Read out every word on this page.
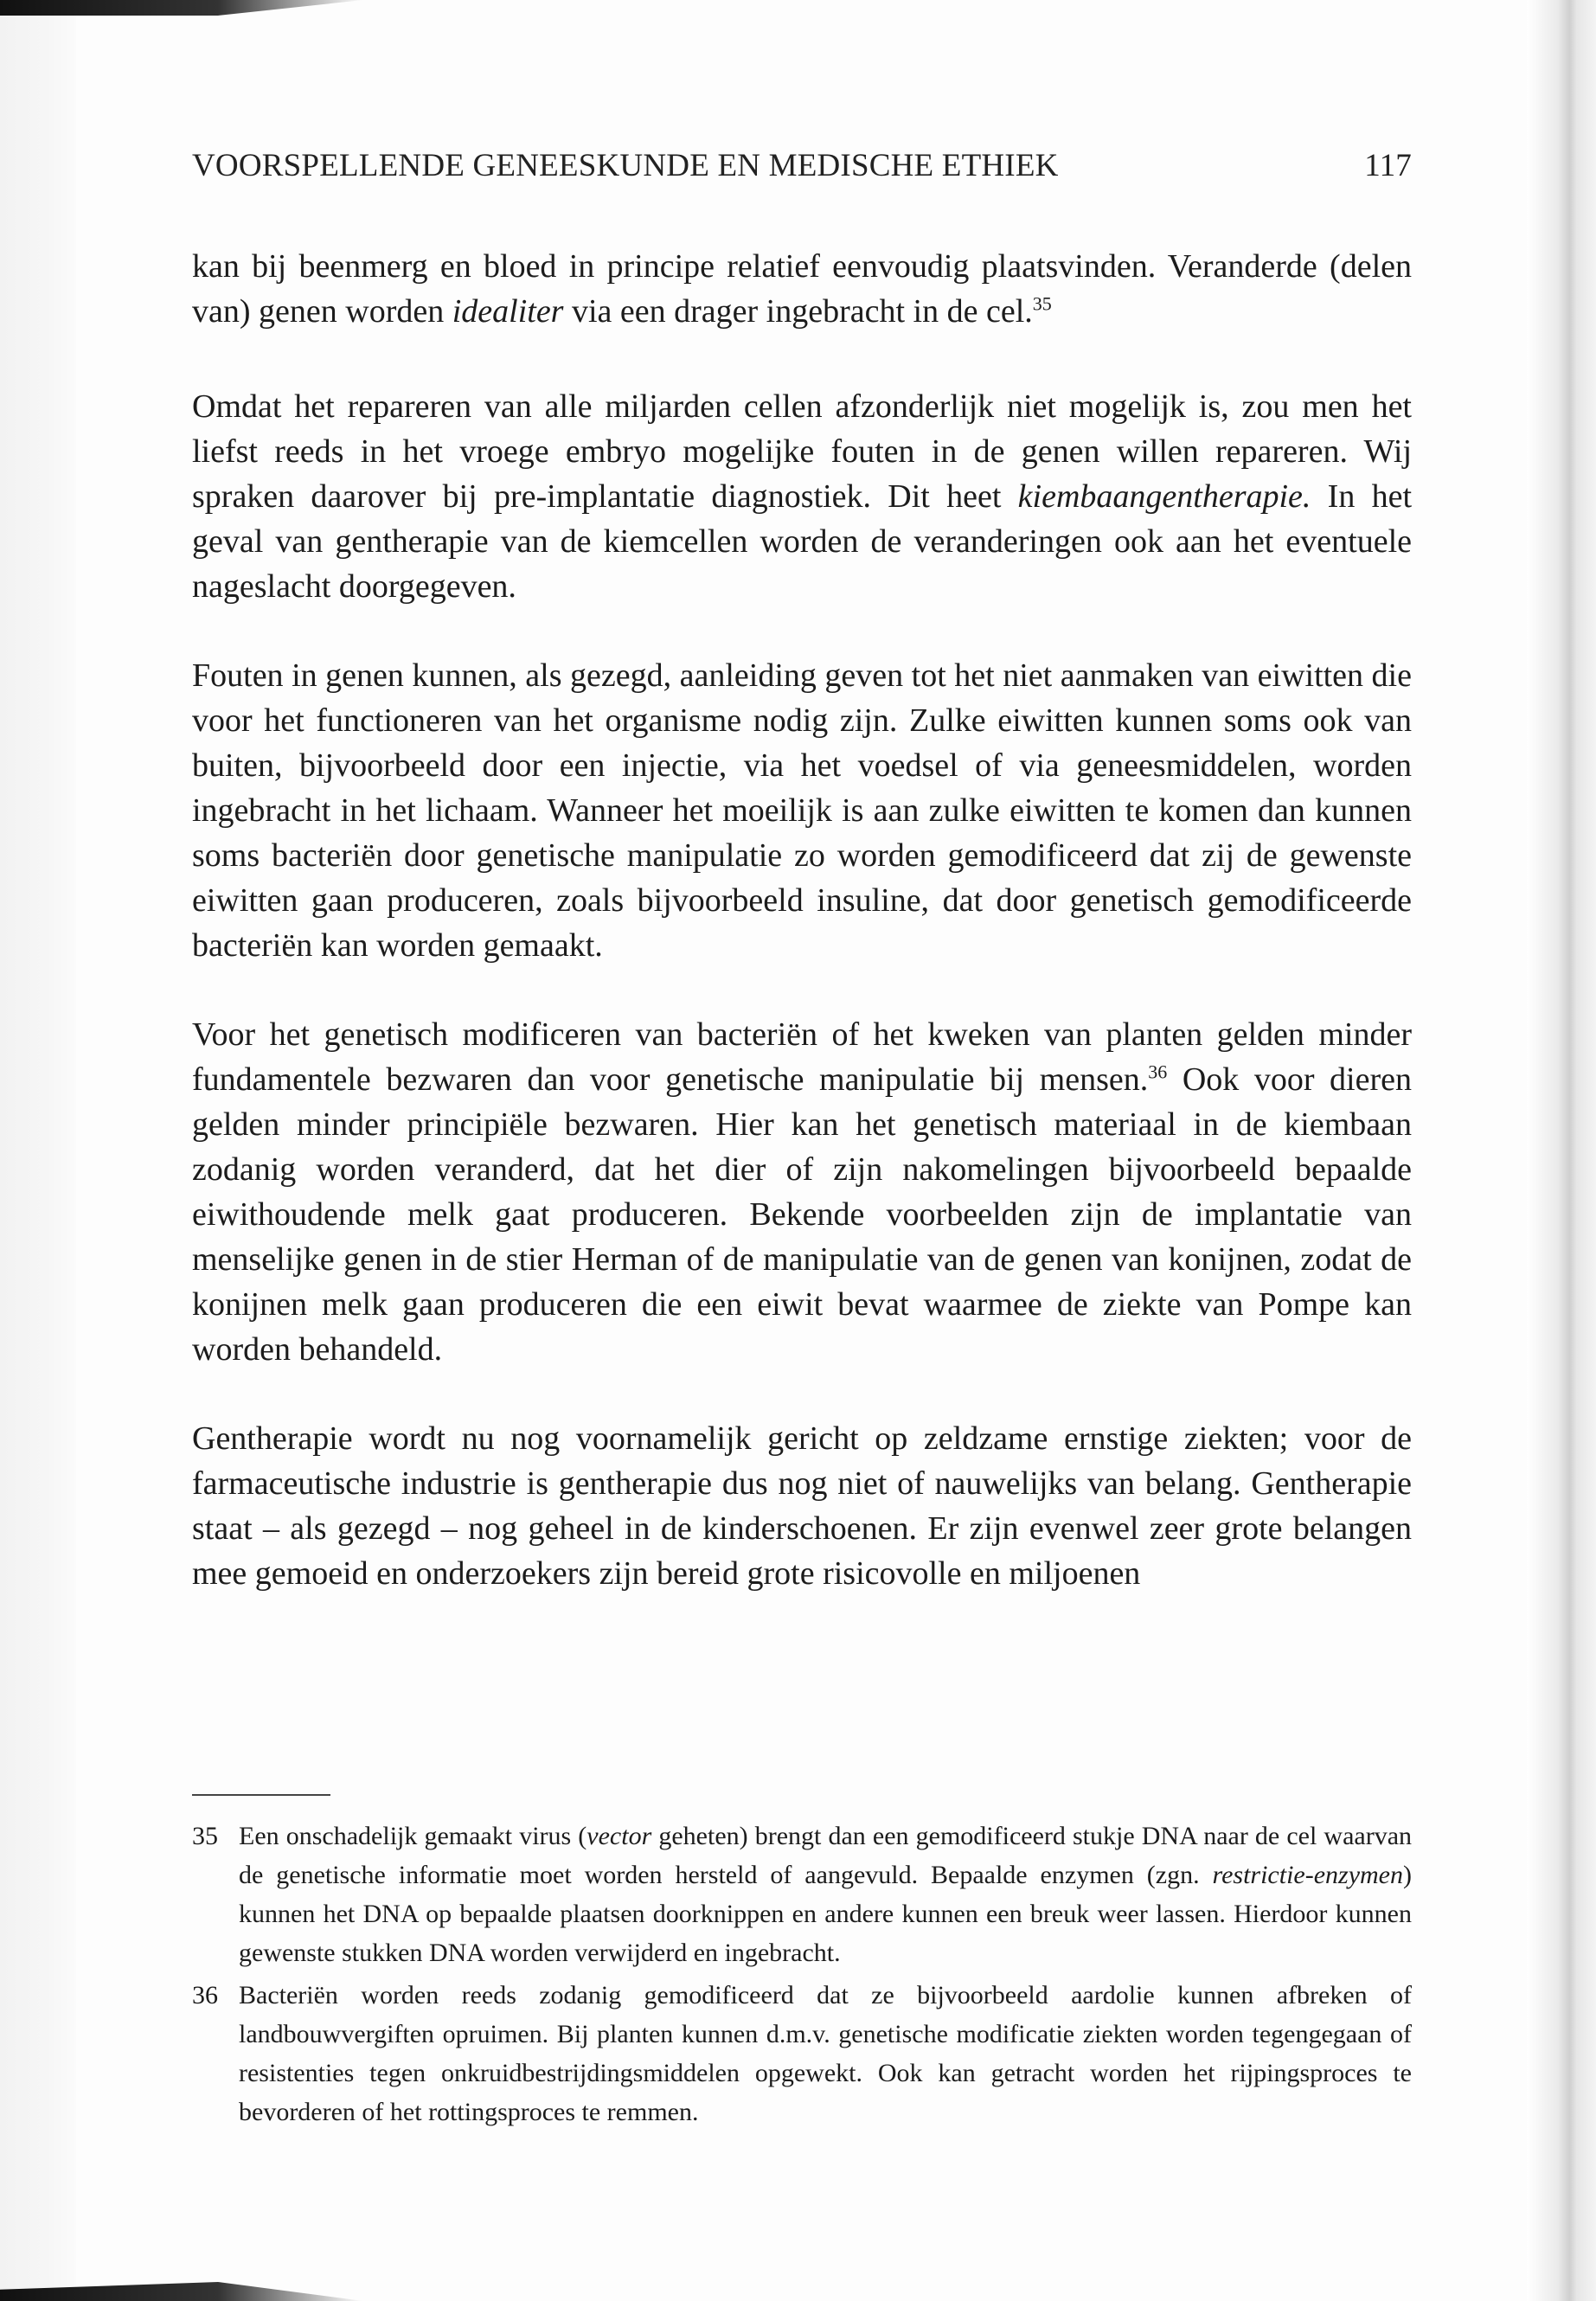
VOORSPELLENDE GENEESKUNDE EN MEDISCHE ETHIEK	117

kan bij beenmerg en bloed in principe relatief eenvoudig plaatsvinden. Veranderde (delen van) genen worden idealiter via een drager ingebracht in de cel.$^{35}$

Omdat het repareren van alle miljarden cellen afzonderlijk niet mogelijk is, zou men het liefst reeds in het vroege embryo mogelijke fouten in de genen willen repareren. Wij spraken daarover bij pre-implantatie diagnostiek. Dit heet kiembaangentherapie. In het geval van gentherapie van de kiemcellen worden de veranderingen ook aan het eventuele nageslacht doorgegeven.

Fouten in genen kunnen, als gezegd, aanleiding geven tot het niet aanmaken van eiwitten die voor het functioneren van het organisme nodig zijn. Zulke eiwitten kunnen soms ook van buiten, bijvoorbeeld door een injectie, via het voedsel of via geneesmiddelen, worden ingebracht in het lichaam. Wanneer het moeilijk is aan zulke eiwitten te komen dan kunnen soms bacteriën door genetische manipulatie zo worden gemodificeerd dat zij de gewenste eiwitten gaan produceren, zoals bijvoorbeeld insuline, dat door genetisch gemodificeerde bacteriën kan worden gemaakt.

Voor het genetisch modificeren van bacteriën of het kweken van planten gelden minder fundamentele bezwaren dan voor genetische manipulatie bij mensen.$^{36}$ Ook voor dieren gelden minder principiële bezwaren. Hier kan het genetisch materiaal in de kiembaan zodanig worden veranderd, dat het dier of zijn nakomelingen bijvoorbeeld bepaalde eiwithoudende melk gaat produceren. Bekende voorbeelden zijn de implantatie van menselijke genen in de stier Herman of de manipulatie van de genen van konijnen, zodat de konijnen melk gaan produceren die een eiwit bevat waarmee de ziekte van Pompe kan worden behandeld.

Gentherapie wordt nu nog voornamelijk gericht op zeldzame ernstige ziekten; voor de farmaceutische industrie is gentherapie dus nog niet of nauwelijks van belang. Gentherapie staat – als gezegd – nog geheel in de kinderschoenen. Er zijn evenwel zeer grote belangen mee gemoeid en onderzoekers zijn bereid grote risicovolle en miljoenen

35 Een onschadelijk gemaakt virus (vector geheten) brengt dan een gemodificeerd stukje DNA naar de cel waarvan de genetische informatie moet worden hersteld of aangevuld. Bepaalde enzymen (zgn. restrictie-enzymen) kunnen het DNA op bepaalde plaatsen doorknippen en andere kunnen een breuk weer lassen. Hierdoor kunnen gewenste stukken DNA worden verwijderd en ingebracht.
36 Bacteriën worden reeds zodanig gemodificeerd dat ze bijvoorbeeld aardolie kunnen afbreken of landbouwvergiften opruimen. Bij planten kunnen d.m.v. genetische modificatie ziekten worden tegengegaan of resistenties tegen onkruidbestrijdingsmiddelen opgewekt. Ook kan getracht worden het rijpingsproces te bevorderen of het rottingsproces te remmen.
